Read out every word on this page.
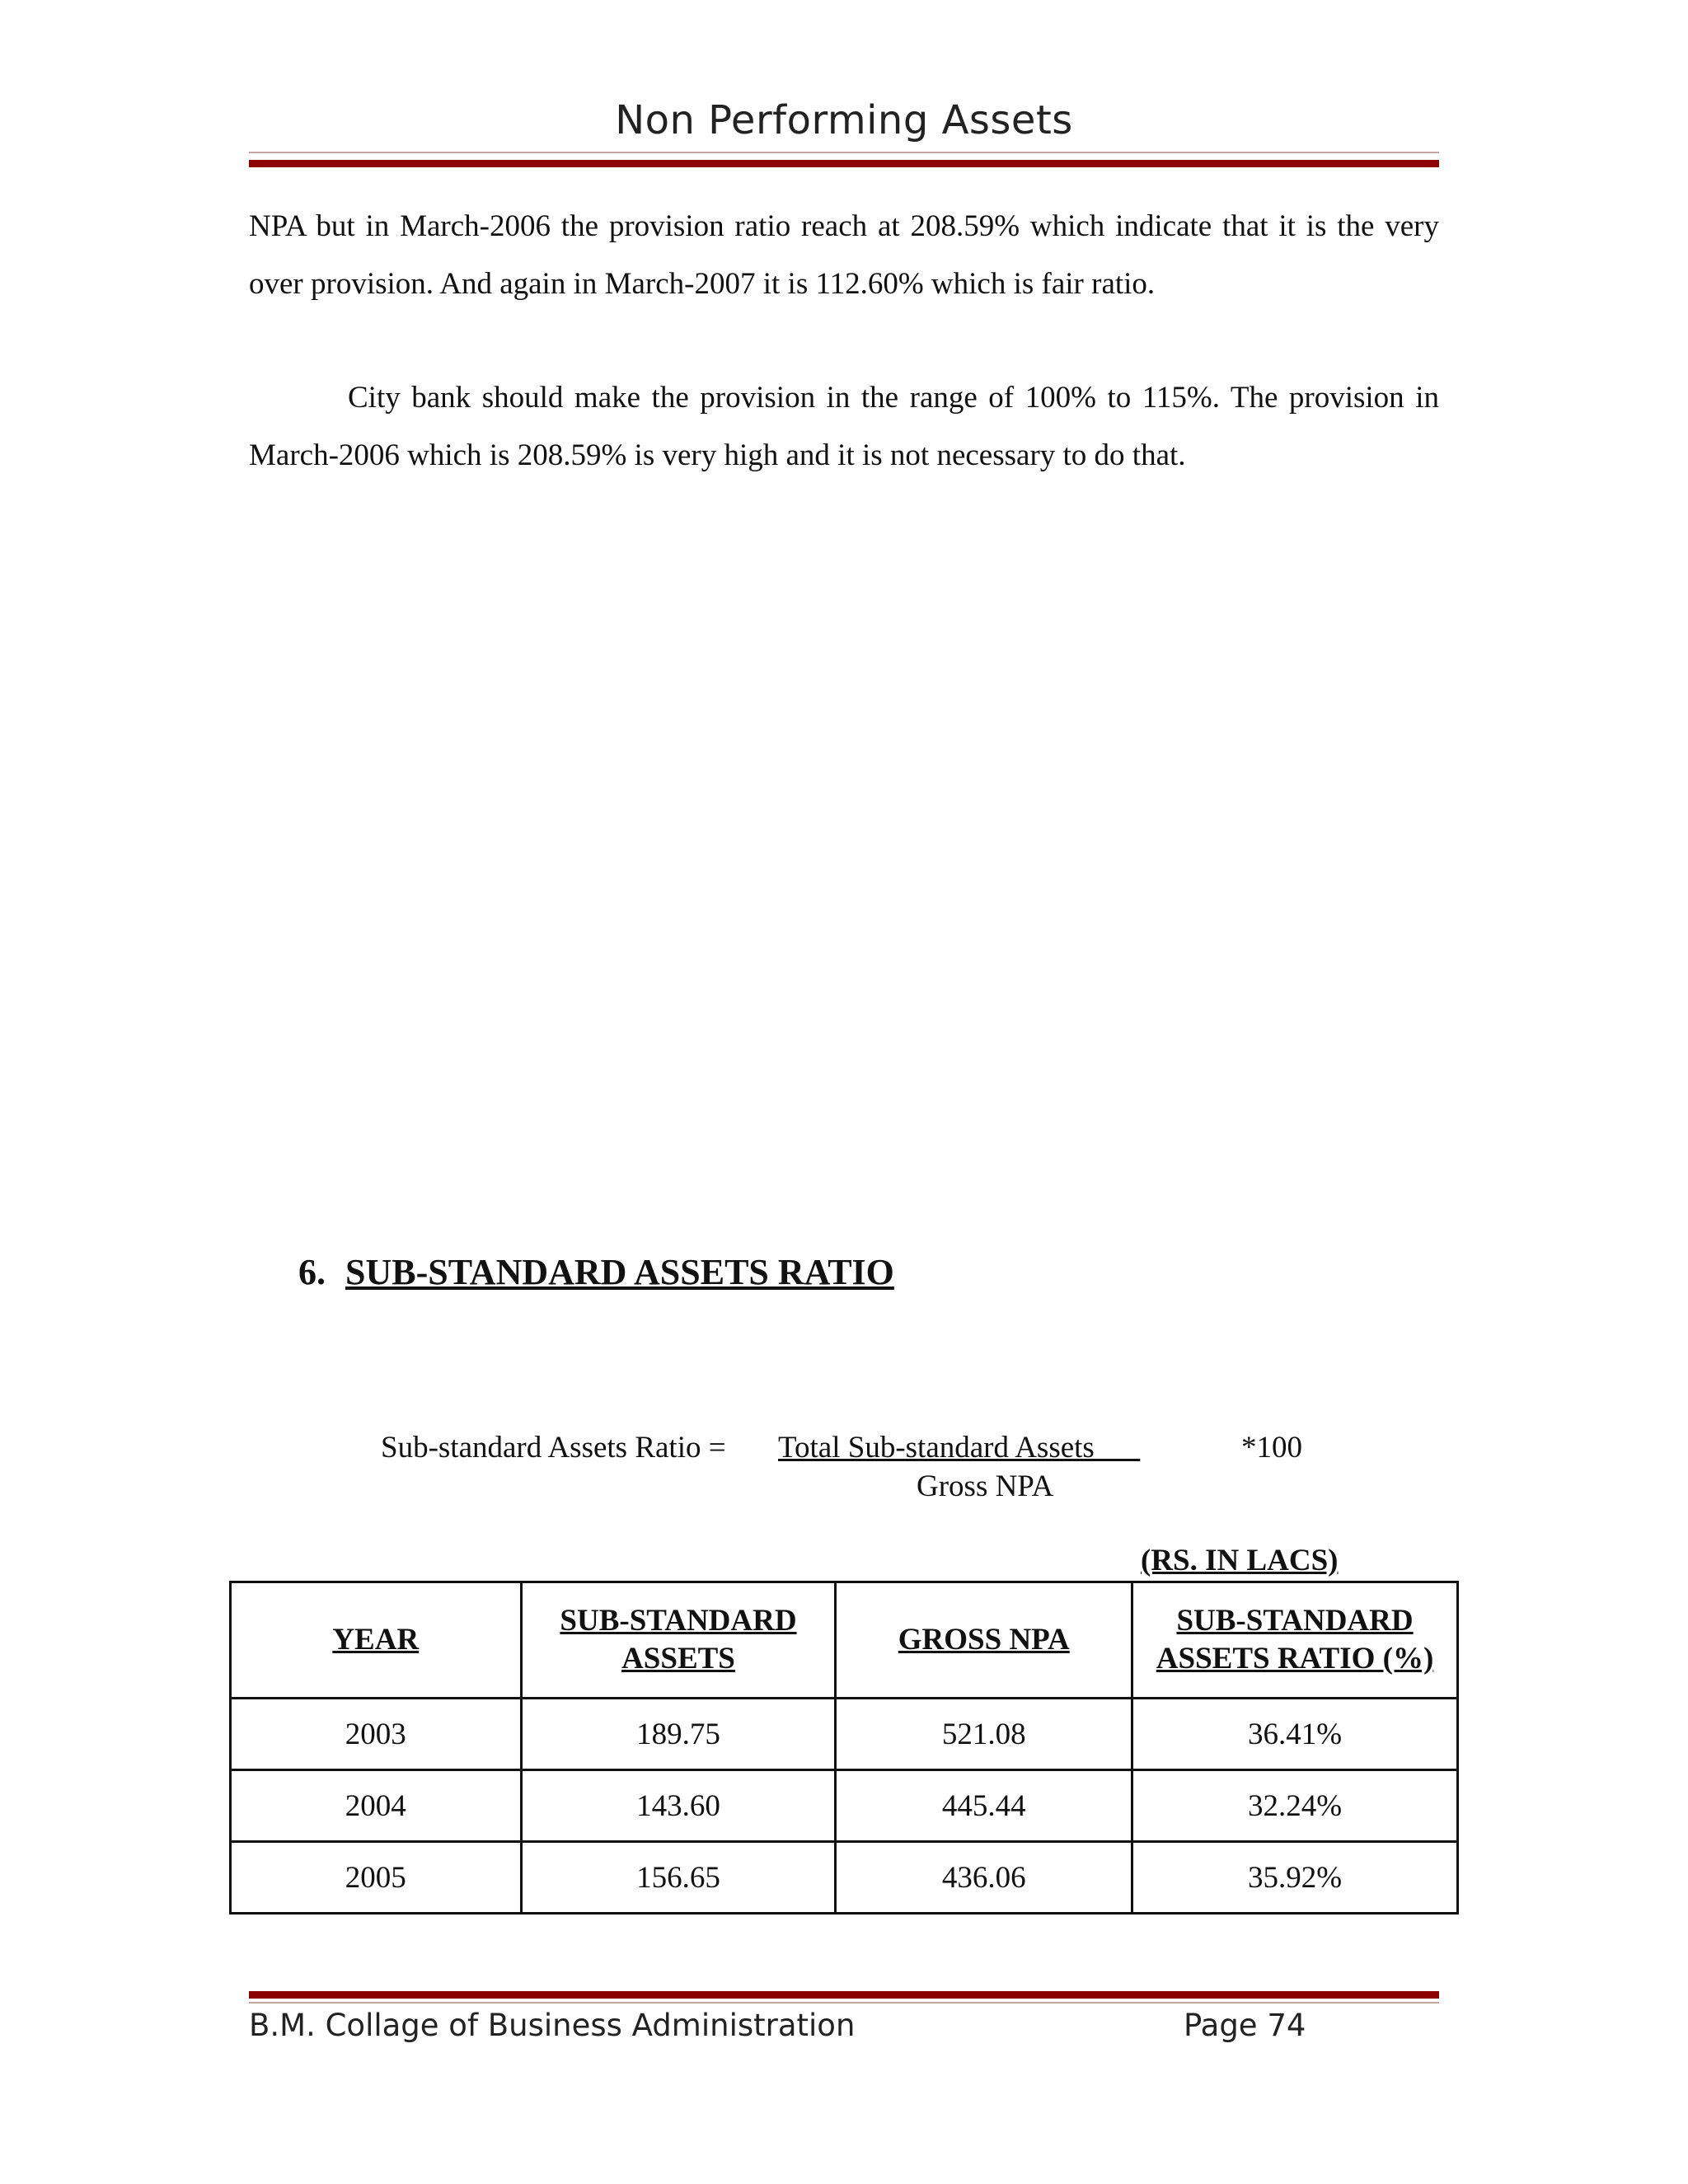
Non Performing Assets

NPA but in March-2006 the provision ratio reach at 208.59% which indicate that it is the very over provision. And again in March-2007 it is 112.60% which is fair ratio.

City bank should make the provision in the range of 100% to 115%. The provision in March-2006 which is 208.59% is very high and it is not necessary to do that.

6. SUB-STANDARD ASSETS RATIO
Sub-standard Assets Ratio = Total Sub-standard Assets
Gross NPA
*100
(RS. IN LACS)
YEAR	SUB-STANDARD ASSETS	GROSS NPA	SUB-STANDARD ASSETS RATIO (%)
2003	189.75	521.08	36.41%
2004	143.60	445.44	32.24%
2005	156.65	436.06	35.92%
B.M. Collage of Business Administration	Page 74
